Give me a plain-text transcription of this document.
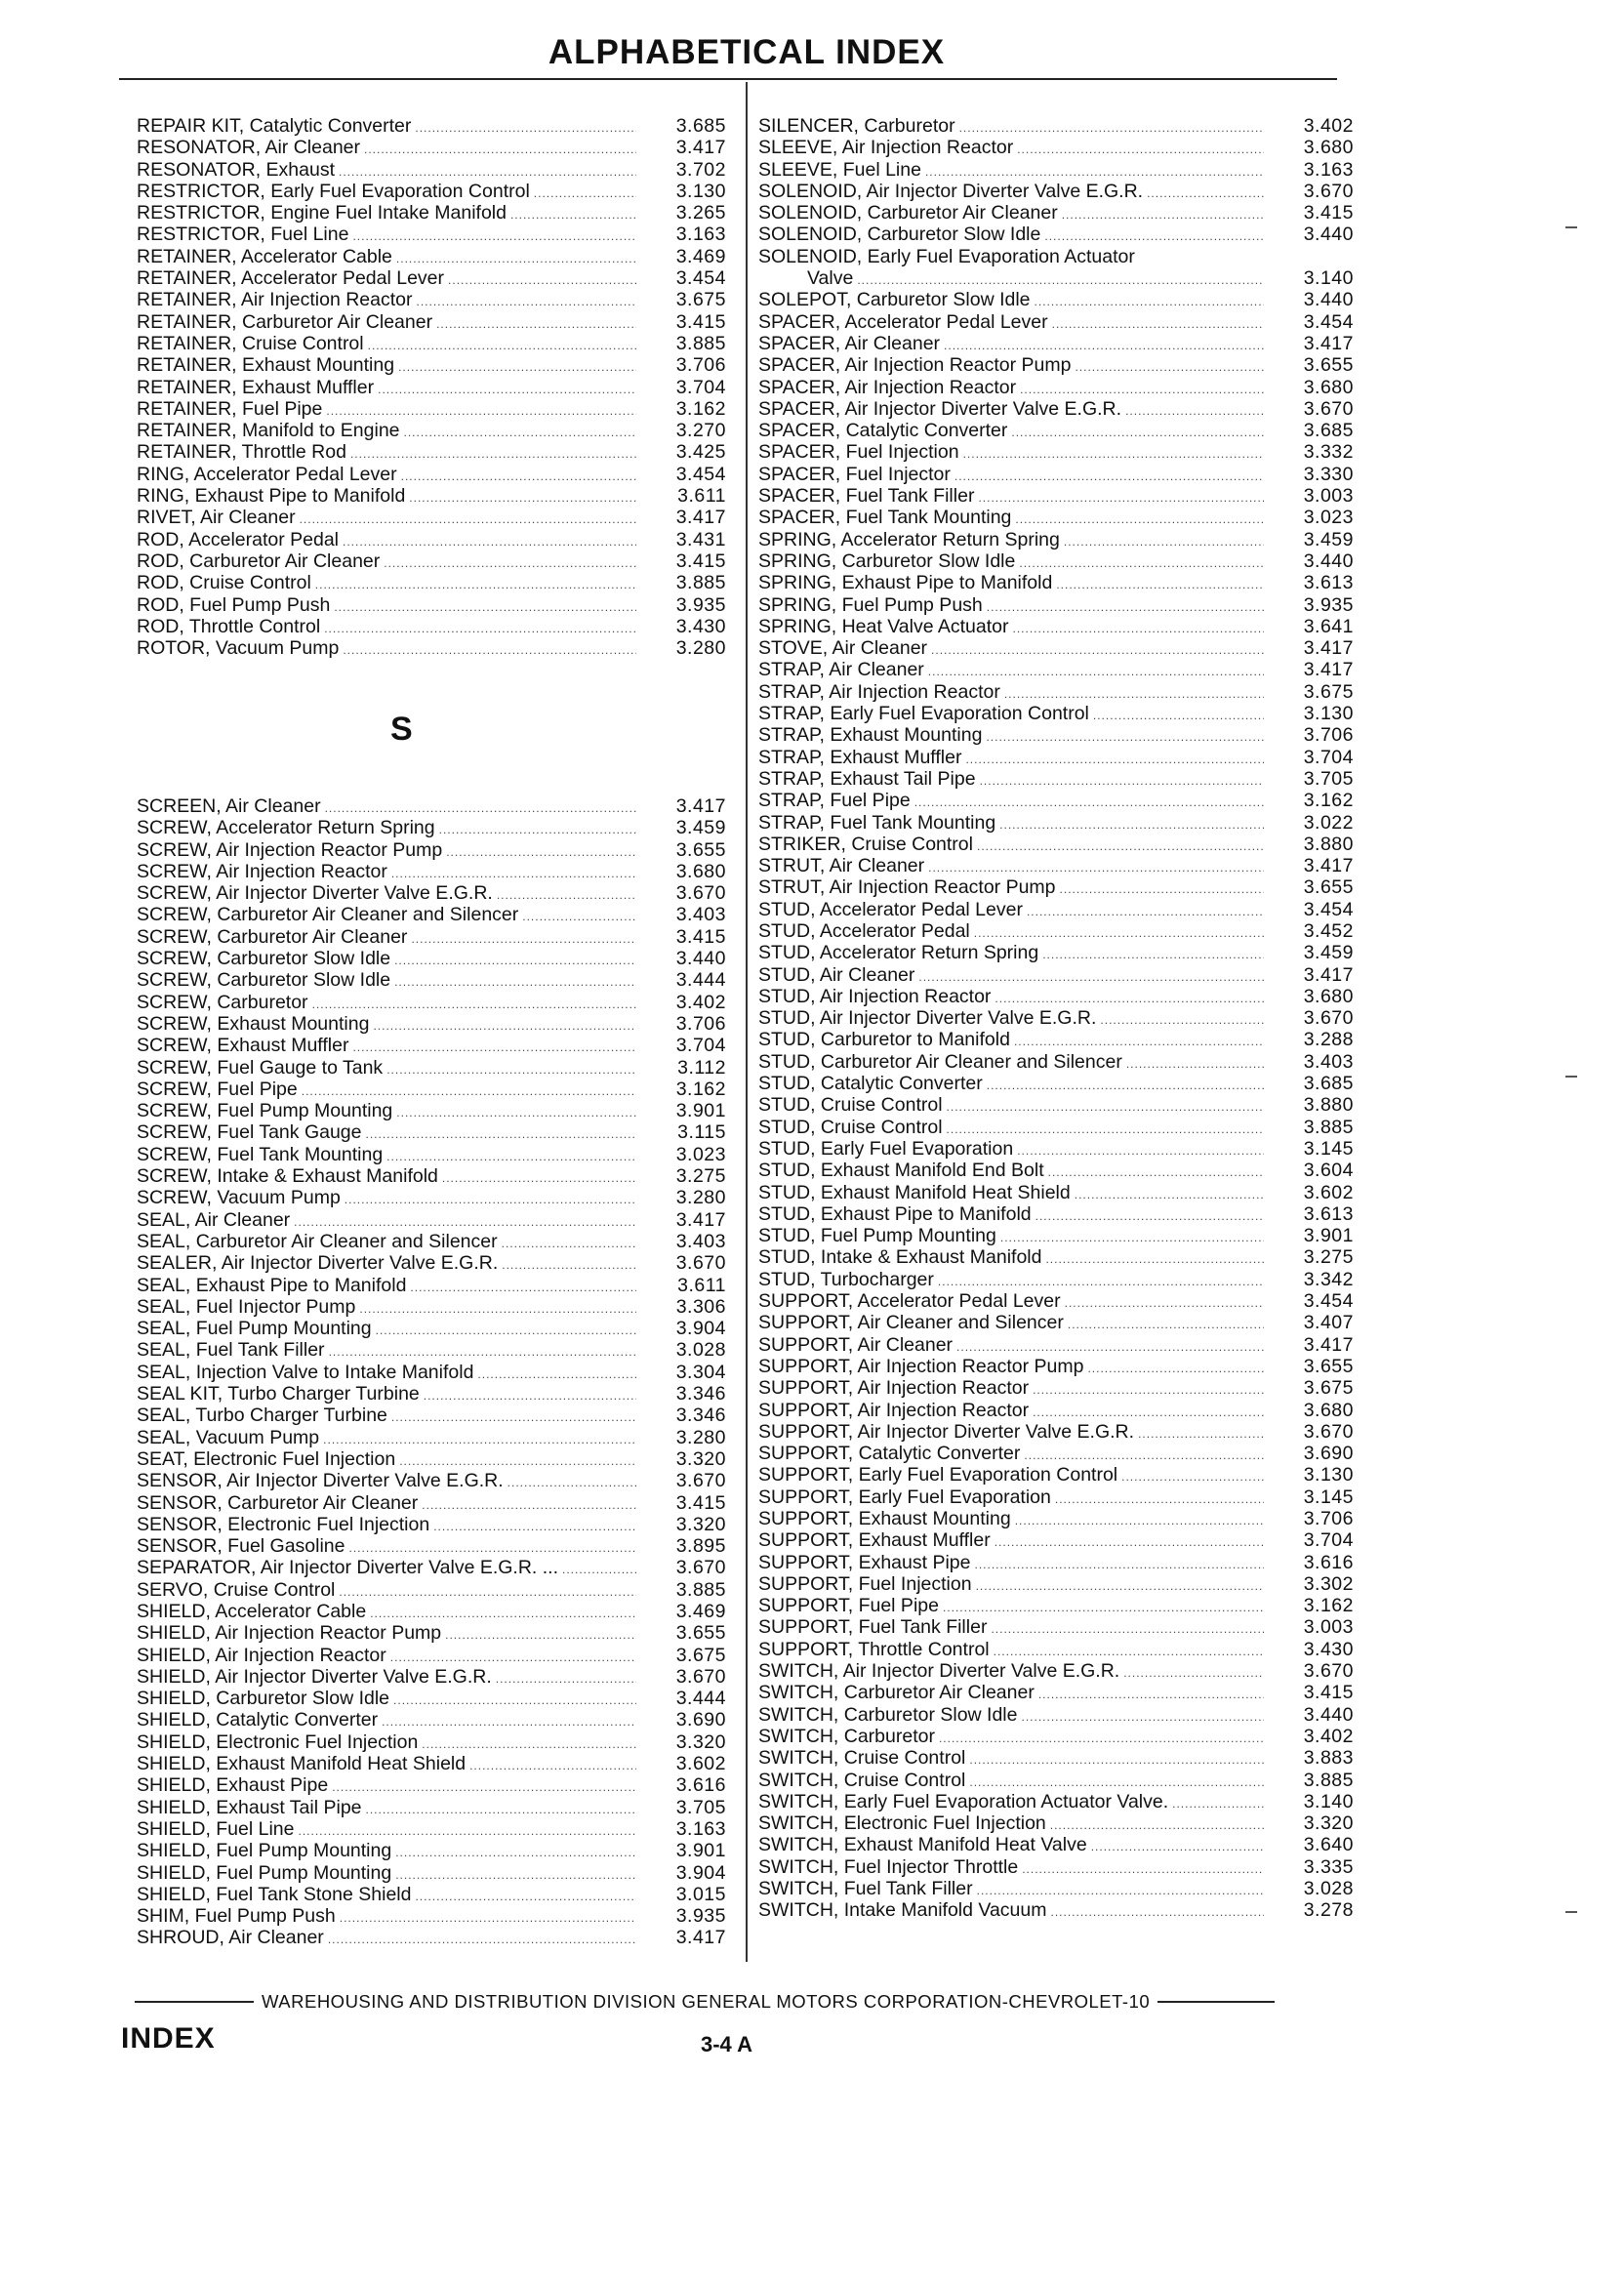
ALPHABETICAL INDEX
REPAIR KIT, Catalytic Converter .....	3.685
RESONATOR, Air Cleaner .....	3.417
RESONATOR, Exhaust .....	3.702
RESTRICTOR, Early Fuel Evaporation Control .....	3.130
RESTRICTOR, Engine Fuel Intake Manifold .....	3.265
RESTRICTOR, Fuel Line .....	3.163
RETAINER, Accelerator Cable .....	3.469
RETAINER, Accelerator Pedal Lever .....	3.454
RETAINER, Air Injection Reactor .....	3.675
RETAINER, Carburetor Air Cleaner .....	3.415
RETAINER, Cruise Control .....	3.885
RETAINER, Exhaust Mounting .....	3.706
RETAINER, Exhaust Muffler .....	3.704
RETAINER, Fuel Pipe .....	3.162
RETAINER, Manifold to Engine .....	3.270
RETAINER, Throttle Rod .....	3.425
RING, Accelerator Pedal Lever .....	3.454
RING, Exhaust Pipe to Manifold .....	3.611
RIVET, Air Cleaner .....	3.417
ROD, Accelerator Pedal .....	3.431
ROD, Carburetor Air Cleaner .....	3.415
ROD, Cruise Control .....	3.885
ROD, Fuel Pump Push .....	3.935
ROD, Throttle Control .....	3.430
ROTOR, Vacuum Pump .....	3.280
S
SCREEN, Air Cleaner .....	3.417
SCREW, Accelerator Return Spring .....	3.459
SCREW, Air Injection Reactor Pump .....	3.655
SCREW, Air Injection Reactor .....	3.680
SCREW, Air Injector Diverter Valve E.G.R. .....	3.670
SCREW, Carburetor Air Cleaner and Silencer .....	3.403
SCREW, Carburetor Air Cleaner .....	3.415
SCREW, Carburetor Slow Idle .....	3.440
SCREW, Carburetor Slow Idle .....	3.444
SCREW, Carburetor .....	3.402
SCREW, Exhaust Mounting .....	3.706
SCREW, Exhaust Muffler .....	3.704
SCREW, Fuel Gauge to Tank .....	3.112
SCREW, Fuel Pipe .....	3.162
SCREW, Fuel Pump Mounting .....	3.901
SCREW, Fuel Tank Gauge .....	3.115
SCREW, Fuel Tank Mounting .....	3.023
SCREW, Intake & Exhaust Manifold .....	3.275
SCREW, Vacuum Pump .....	3.280
SEAL, Air Cleaner .....	3.417
SEAL, Carburetor Air Cleaner and Silencer .....	3.403
SEALER, Air Injector Diverter Valve E.G.R. .....	3.670
SEAL, Exhaust Pipe to Manifold .....	3.611
SEAL, Fuel Injector Pump .....	3.306
SEAL, Fuel Pump Mounting .....	3.904
SEAL, Fuel Tank Filler .....	3.028
SEAL, Injection Valve to Intake Manifold .....	3.304
SEAL KIT, Turbo Charger Turbine .....	3.346
SEAL, Turbo Charger Turbine .....	3.346
SEAL, Vacuum Pump .....	3.280
SEAT, Electronic Fuel Injection .....	3.320
SENSOR, Air Injector Diverter Valve E.G.R. .....	3.670
SENSOR, Carburetor Air Cleaner .....	3.415
SENSOR, Electronic Fuel Injection .....	3.320
SENSOR, Fuel Gasoline .....	3.895
SEPARATOR, Air Injector Diverter Valve E.G.R. ... .....	3.670
SERVO, Cruise Control .....	3.885
SHIELD, Accelerator Cable .....	3.469
SHIELD, Air Injection Reactor Pump .....	3.655
SHIELD, Air Injection Reactor .....	3.675
SHIELD, Air Injector Diverter Valve E.G.R. .....	3.670
SHIELD, Carburetor Slow Idle .....	3.444
SHIELD, Catalytic Converter .....	3.690
SHIELD, Electronic Fuel Injection .....	3.320
SHIELD, Exhaust Manifold Heat Shield .....	3.602
SHIELD, Exhaust Pipe .....	3.616
SHIELD, Exhaust Tail Pipe .....	3.705
SHIELD, Fuel Line .....	3.163
SHIELD, Fuel Pump Mounting .....	3.901
SHIELD, Fuel Pump Mounting .....	3.904
SHIELD, Fuel Tank Stone Shield .....	3.015
SHIM, Fuel Pump Push .....	3.935
SHROUD, Air Cleaner .....	3.417
SILENCER, Carburetor .....	3.402
SLEEVE, Air Injection Reactor .....	3.680
SLEEVE, Fuel Line .....	3.163
SOLENOID, Air Injector Diverter Valve E.G.R. .....	3.670
SOLENOID, Carburetor Air Cleaner .....	3.415
SOLENOID, Carburetor Slow Idle .....	3.440
SOLENOID, Early Fuel Evaporation Actuator
Valve .....	3.140
SOLEPOT, Carburetor Slow Idle .....	3.440
SPACER, Accelerator Pedal Lever .....	3.454
SPACER, Air Cleaner .....	3.417
SPACER, Air Injection Reactor Pump .....	3.655
SPACER, Air Injection Reactor .....	3.680
SPACER, Air Injector Diverter Valve E.G.R. .....	3.670
SPACER, Catalytic Converter .....	3.685
SPACER, Fuel Injection .....	3.332
SPACER, Fuel Injector .....	3.330
SPACER, Fuel Tank Filler .....	3.003
SPACER, Fuel Tank Mounting .....	3.023
SPRING, Accelerator Return Spring .....	3.459
SPRING, Carburetor Slow Idle .....	3.440
SPRING, Exhaust Pipe to Manifold .....	3.613
SPRING, Fuel Pump Push .....	3.935
SPRING, Heat Valve Actuator .....	3.641
STOVE, Air Cleaner .....	3.417
STRAP, Air Cleaner .....	3.417
STRAP, Air Injection Reactor .....	3.675
STRAP, Early Fuel Evaporation Control .....	3.130
STRAP, Exhaust Mounting .....	3.706
STRAP, Exhaust Muffler .....	3.704
STRAP, Exhaust Tail Pipe .....	3.705
STRAP, Fuel Pipe .....	3.162
STRAP, Fuel Tank Mounting .....	3.022
STRIKER, Cruise Control .....	3.880
STRUT, Air Cleaner .....	3.417
STRUT, Air Injection Reactor Pump .....	3.655
STUD, Accelerator Pedal Lever .....	3.454
STUD, Accelerator Pedal .....	3.452
STUD, Accelerator Return Spring .....	3.459
STUD, Air Cleaner .....	3.417
STUD, Air Injection Reactor .....	3.680
STUD, Air Injector Diverter Valve E.G.R. .....	3.670
STUD, Carburetor to Manifold .....	3.288
STUD, Carburetor Air Cleaner and Silencer .....	3.403
STUD, Catalytic Converter .....	3.685
STUD, Cruise Control .....	3.880
STUD, Cruise Control .....	3.885
STUD, Early Fuel Evaporation .....	3.145
STUD, Exhaust Manifold End Bolt .....	3.604
STUD, Exhaust Manifold Heat Shield .....	3.602
STUD, Exhaust Pipe to Manifold .....	3.613
STUD, Fuel Pump Mounting .....	3.901
STUD, Intake & Exhaust Manifold .....	3.275
STUD, Turbocharger .....	3.342
SUPPORT, Accelerator Pedal Lever .....	3.454
SUPPORT, Air Cleaner and Silencer .....	3.407
SUPPORT, Air Cleaner .....	3.417
SUPPORT, Air Injection Reactor Pump .....	3.655
SUPPORT, Air Injection Reactor .....	3.675
SUPPORT, Air Injection Reactor .....	3.680
SUPPORT, Air Injector Diverter Valve E.G.R. .....	3.670
SUPPORT, Catalytic Converter .....	3.690
SUPPORT, Early Fuel Evaporation Control .....	3.130
SUPPORT, Early Fuel Evaporation .....	3.145
SUPPORT, Exhaust Mounting .....	3.706
SUPPORT, Exhaust Muffler .....	3.704
SUPPORT, Exhaust Pipe .....	3.616
SUPPORT, Fuel Injection .....	3.302
SUPPORT, Fuel Pipe .....	3.162
SUPPORT, Fuel Tank Filler .....	3.003
SUPPORT, Throttle Control .....	3.430
SWITCH, Air Injector Diverter Valve E.G.R. .....	3.670
SWITCH, Carburetor Air Cleaner .....	3.415
SWITCH, Carburetor Slow Idle .....	3.440
SWITCH, Carburetor .....	3.402
SWITCH, Cruise Control .....	3.883
SWITCH, Cruise Control .....	3.885
SWITCH, Early Fuel Evaporation Actuator Valve. .....	3.140
SWITCH, Electronic Fuel Injection .....	3.320
SWITCH, Exhaust Manifold Heat Valve .....	3.640
SWITCH, Fuel Injector Throttle .....	3.335
SWITCH, Fuel Tank Filler .....	3.028
SWITCH, Intake Manifold Vacuum .....	3.278
WAREHOUSING AND DISTRIBUTION DIVISION GENERAL MOTORS CORPORATION-CHEVROLET-10
INDEX	3-4 A
